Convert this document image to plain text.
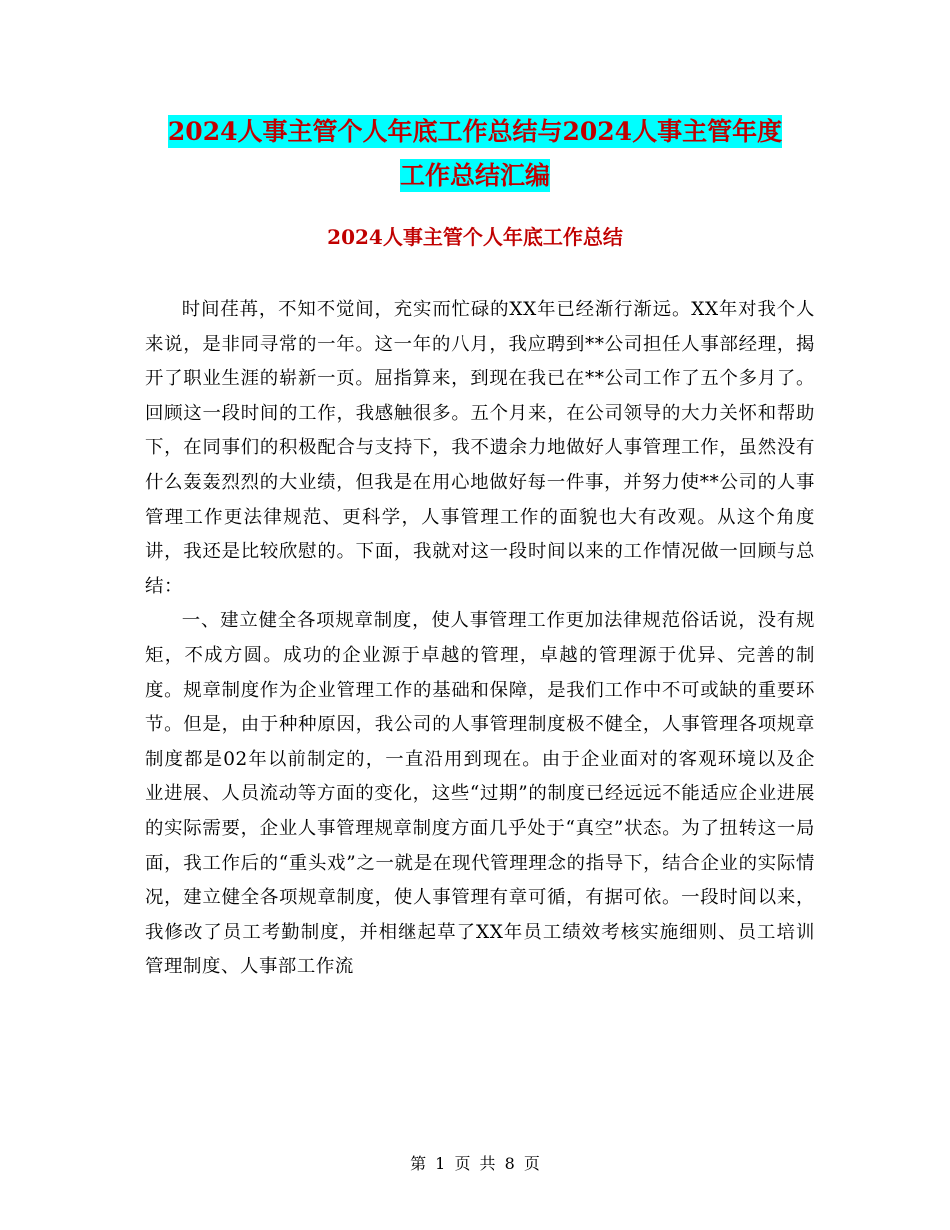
2024人事主管个人年底工作总结与2024人事主管年度
工作总结汇编
2024人事主管个人年底工作总结

时间荏苒，不知不觉间，充实而忙碌的XX年已经渐行渐远。XX年对我个人来说，是非同寻常的一年。这一年的八月，我应聘到**公司担任人事部经理，揭开了职业生涯的崭新一页。屈指算来，到现在我已在**公司工作了五个多月了。回顾这一段时间的工作，我感触很多。五个月来，在公司领导的大力关怀和帮助下，在同事们的积极配合与支持下，我不遗余力地做好人事管理工作，虽然没有什么轰轰烈烈的大业绩，但我是在用心地做好每一件事，并努力使**公司的人事管理工作更法律规范、更科学，人事管理工作的面貌也大有改观。从这个角度讲，我还是比较欣慰的。下面，我就对这一段时间以来的工作情况做一回顾与总结：

一、建立健全各项规章制度，使人事管理工作更加法律规范俗话说，没有规矩，不成方圆。成功的企业源于卓越的管理，卓越的管理源于优异、完善的制度。规章制度作为企业管理工作的基础和保障，是我们工作中不可或缺的重要环节。但是，由于种种原因，我公司的人事管理制度极不健全，人事管理各项规章制度都是02年以前制定的，一直沿用到现在。由于企业面对的客观环境以及企业进展、人员流动等方面的变化，这些“过期”的制度已经远远不能适应企业进展的实际需要，企业人事管理规章制度方面几乎处于“真空”状态。为了扭转这一局面，我工作后的“重头戏”之一就是在现代管理理念的指导下，结合企业的实际情况，建立健全各项规章制度，使人事管理有章可循，有据可依。一段时间以来，我修改了员工考勤制度，并相继起草了XX年员工绩效考核实施细则、员工培训管理制度、人事部工作流

第 1 页 共 8 页
